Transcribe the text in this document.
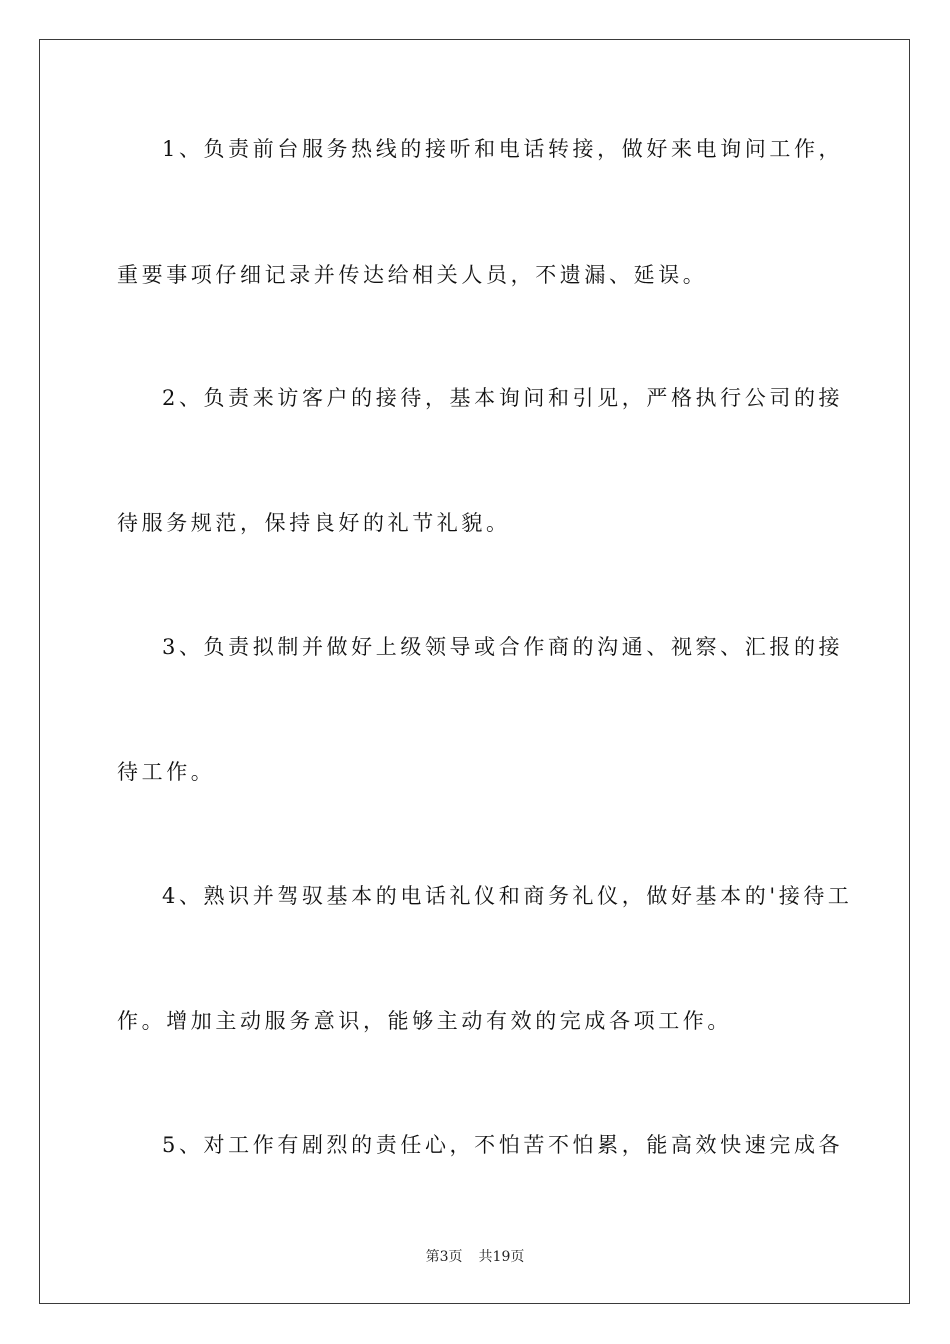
1、负责前台服务热线的接听和电话转接，做好来电询问工作，
重要事项仔细记录并传达给相关人员，不遗漏、延误。
2、负责来访客户的接待，基本询问和引见，严格执行公司的接
待服务规范，保持良好的礼节礼貌。
3、负责拟制并做好上级领导或合作商的沟通、视察、汇报的接
待工作。
4、熟识并驾驭基本的电话礼仪和商务礼仪，做好基本的'接待工
作。增加主动服务意识，能够主动有效的完成各项工作。
5、对工作有剧烈的责任心，不怕苦不怕累，能高效快速完成各
第3页 共19页
